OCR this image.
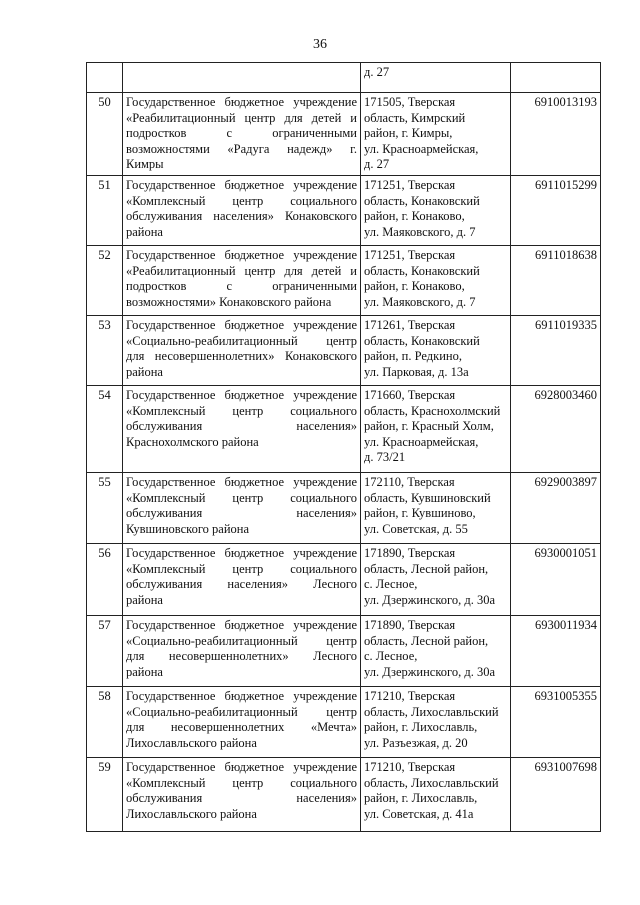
36

		д. 27	

50	Государственное бюджетное учреждение
«Реабилитационный центр для детей и
подростков с ограниченными
возможностями «Радуга надежд» г.
Кимры	171505, Тверская
область, Кимрский
район, г. Кимры,
ул. Красноармейская,
д. 27	6910013193
51	Государственное бюджетное учреждение
«Комплексный центр социального
обслуживания населения» Конаковского
района	171251, Тверская
область, Конаковский
район, г. Конаково,
ул. Маяковского, д. 7	6911015299
52	Государственное бюджетное учреждение
«Реабилитационный центр для детей и
подростков с ограниченными
возможностями» Конаковского района	171251, Тверская
область, Конаковский
район, г. Конаково,
ул. Маяковского, д. 7	6911018638
53	Государственное бюджетное учреждение
«Социально-реабилитационный центр
для несовершеннолетних» Конаковского
района	171261, Тверская
область, Конаковский
район, п. Редкино,
ул. Парковая, д. 13а	6911019335
54	Государственное бюджетное учреждение
«Комплексный центр социального
обслуживания населения»
Краснохолмского района	171660, Тверская
область, Краснохолмский
район, г. Красный Холм,
ул. Красноармейская,
д. 73/21	6928003460
55	Государственное бюджетное учреждение
«Комплексный центр социального
обслуживания населения»
Кувшиновского района	172110, Тверская
область, Кувшиновский
район, г. Кувшиново,
ул. Советская, д. 55	6929003897
56	Государственное бюджетное учреждение
«Комплексный центр социального
обслуживания населения» Лесного
района	171890, Тверская
область, Лесной район,
с. Лесное,
ул. Дзержинского, д. 30а	6930001051
57	Государственное бюджетное учреждение
«Социально-реабилитационный центр
для несовершеннолетних» Лесного
района	171890, Тверская
область, Лесной район,
с. Лесное,
ул. Дзержинского, д. 30а	6930011934
58	Государственное бюджетное учреждение
«Социально-реабилитационный центр
для несовершеннолетних «Мечта»
Лихославльского района	171210, Тверская
область, Лихославльский
район, г. Лихославль,
ул. Разъезжая, д. 20	6931005355
59	Государственное бюджетное учреждение
«Комплексный центр социального
обслуживания населения»
Лихославльского района	171210, Тверская
область, Лихославльский
район, г. Лихославль,
ул. Советская, д. 41а	6931007698
